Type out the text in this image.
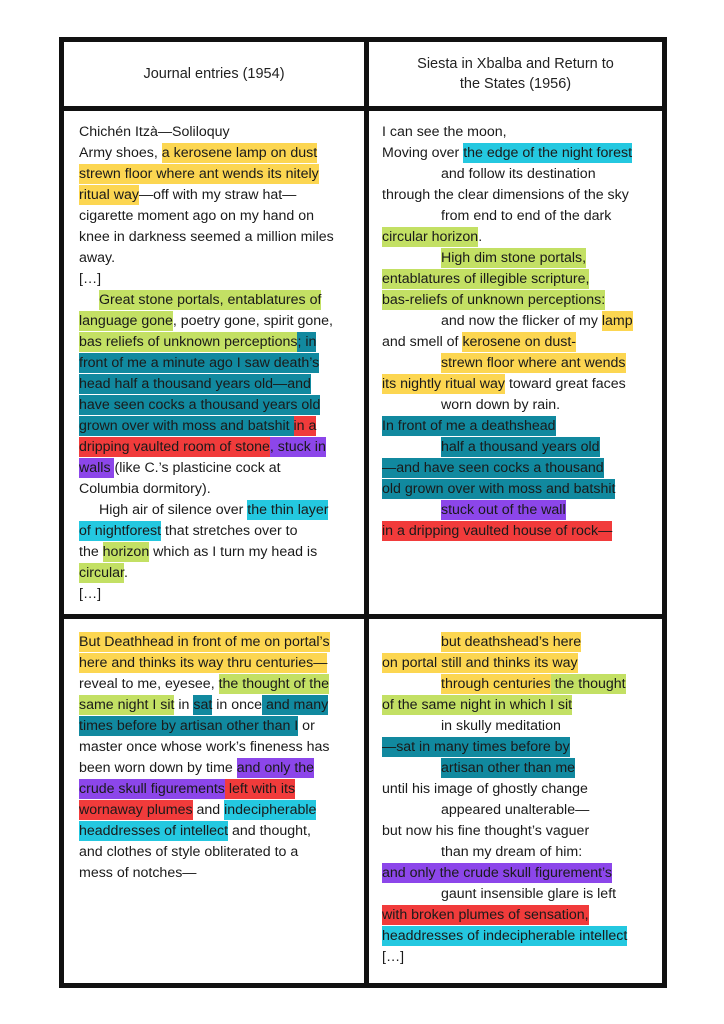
Journal entries (1954)
Siesta in Xbalba and Return to
the States (1956)
Chichén Itzà—Soliloquy
Army shoes, a kerosene lamp on dust
strewn floor where ant wends its nitely
ritual way—off with my straw hat—
cigarette moment ago on my hand on
knee in darkness seemed a million miles
away.
[…]
Great stone portals, entablatures of
language gone, poetry gone, spirit gone,
bas reliefs of unknown perceptions; in
front of me a minute ago I saw death’s
head half a thousand years old—and
have seen cocks a thousand years old
grown over with moss and batshit in a
dripping vaulted room of stone, stuck in
walls (like C.’s plasticine cock at
Columbia dormitory).
High air of silence over the thin layer
of nightforest that stretches over to
the horizon which as I turn my head is
circular.
[…]
I can see the moon,
Moving over the edge of the night forest
and follow its destination
through the clear dimensions of the sky
from end to end of the dark
circular horizon.
High dim stone portals,
entablatures of illegible scripture,
bas-reliefs of unknown perceptions:
and now the flicker of my lamp
and smell of kerosene on dust-
strewn floor where ant wends
its nightly ritual way toward great faces
worn down by rain.
In front of me a deathshead
half a thousand years old
—and have seen cocks a thousand
old grown over with moss and batshit
stuck out of the wall
in a dripping vaulted house of rock—
But Deathhead in front of me on portal’s
here and thinks its way thru centuries—
reveal to me, eyesee, the thought of the
same night I sit in sat in once and many
times before by artisan other than I or
master once whose work’s fineness has
been worn down by time and only the
crude skull figurements left with its
wornaway plumes and indecipherable
headdresses of intellect and thought,
and clothes of style obliterated to a
mess of notches—
but deathshead’s here
on portal still and thinks its way
through centuries the thought
of the same night in which I sit
in skully meditation
—sat in many times before by
artisan other than me
until his image of ghostly change
appeared unalterable—
but now his fine thought’s vaguer
than my dream of him:
and only the crude skull figurement’s
gaunt insensible glare is left
with broken plumes of sensation,
headdresses of indecipherable intellect
[…]
